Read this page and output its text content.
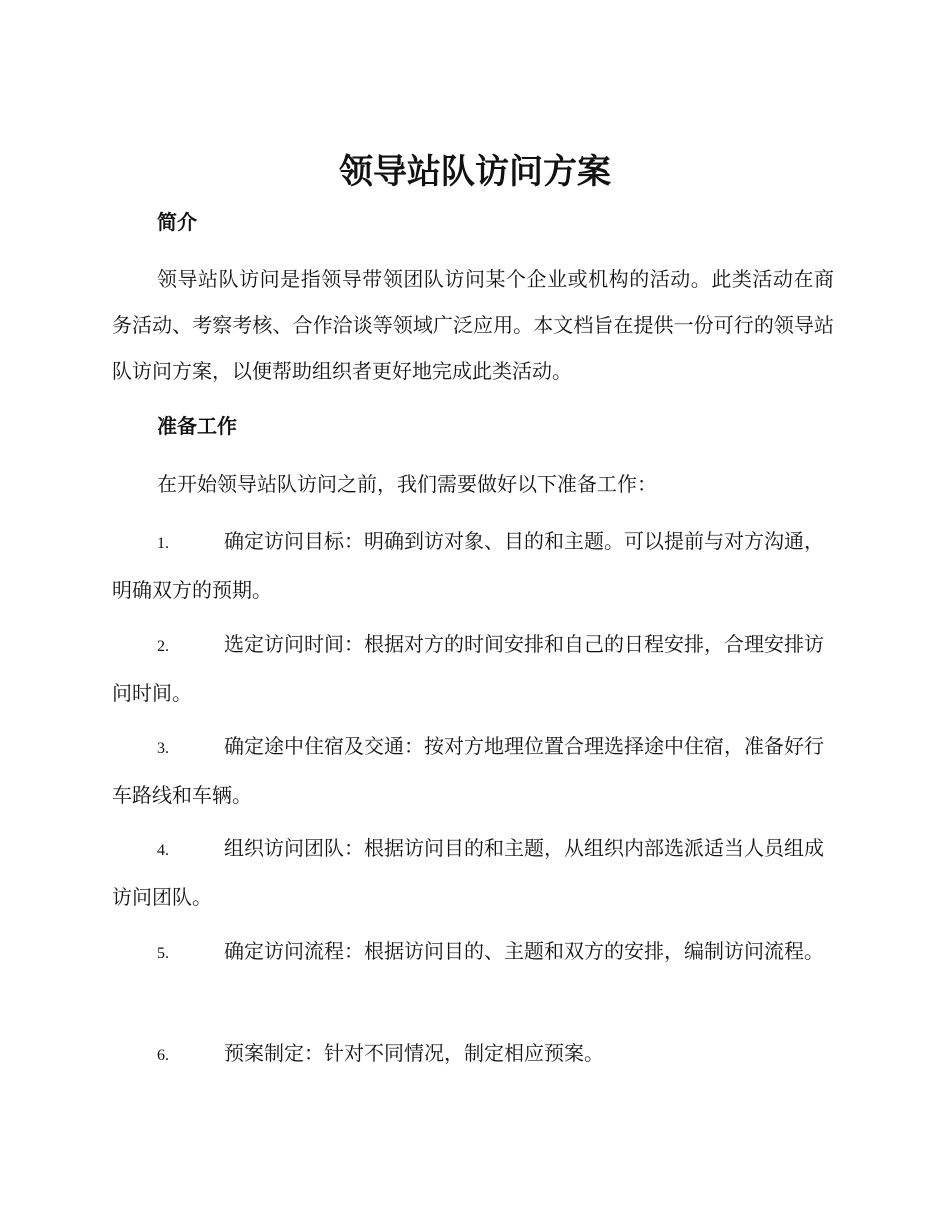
领导站队访问方案
简介

领导站队访问是指领导带领团队访问某个企业或机构的活动。此类活动在商务活动、考察考核、合作洽谈等领域广泛应用。本文档旨在提供一份可行的领导站队访问方案，以便帮助组织者更好地完成此类活动。

准备工作

在开始领导站队访问之前，我们需要做好以下准备工作：

1.	确定访问目标：明确到访对象、目的和主题。可以提前与对方沟通，明确双方的预期。

2.	选定访问时间：根据对方的时间安排和自己的日程安排，合理安排访问时间。

3.	确定途中住宿及交通：按对方地理位置合理选择途中住宿，准备好行车路线和车辆。

4.	组织访问团队：根据访问目的和主题，从组织内部选派适当人员组成访问团队。

5.	确定访问流程：根据访问目的、主题和双方的安排，编制访问流程。

6.	预案制定：针对不同情况，制定相应预案。
